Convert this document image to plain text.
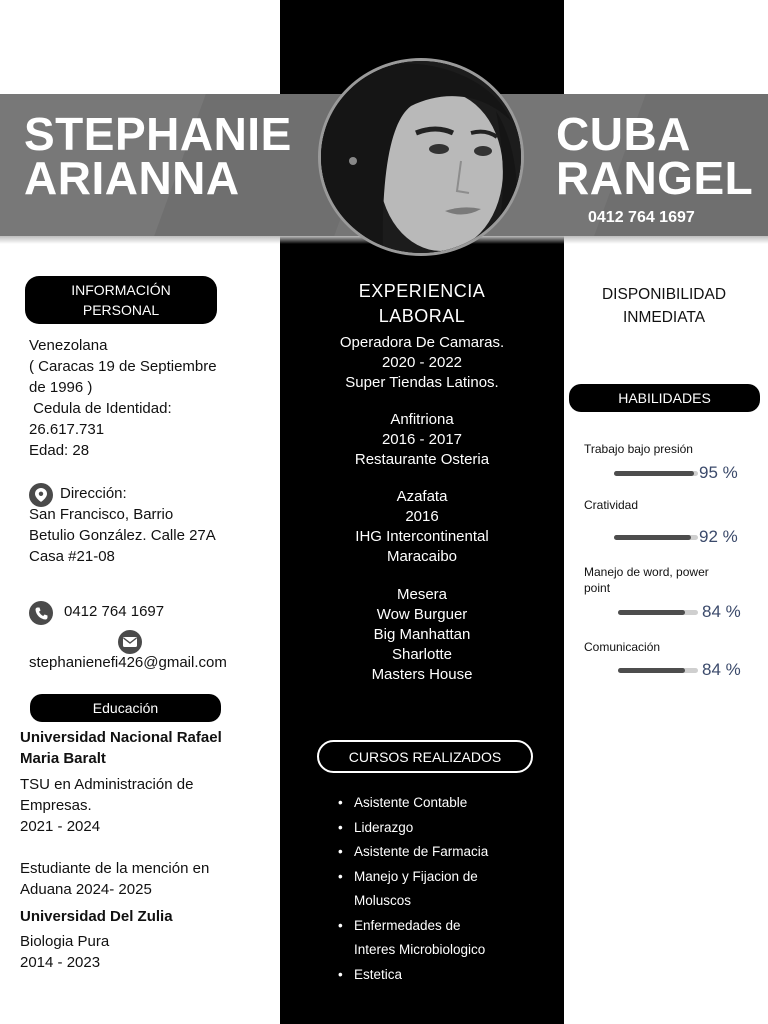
STEPHANIE
ARIANNA
CUBA
RANGEL
0412 764 1697
INFORMACIÓN
PERSONAL
Venezolana
( Caracas 19 de Septiembre
de 1996 )
Cedula de Identidad:
26.617.731
Edad: 28
Dirección:
San Francisco, Barrio
Betulio González. Calle 27A
Casa #21-08
0412 764 1697
stephanienefi426@gmail.com
Educación
Universidad Nacional Rafael
Maria Baralt
TSU en Administración de
Empresas.
2021 - 2024
Estudiante de la mención en
Aduana 2024- 2025
Universidad Del Zulia
Biologia Pura
2014 - 2023
EXPERIENCIA
LABORAL
Operadora De Camaras.
2020 - 2022
Super Tiendas Latinos.
Anfitriona
2016 - 2017
Restaurante Osteria
Azafata
2016
IHG Intercontinental
Maracaibo
Mesera
Wow Burguer
Big Manhattan
Sharlotte
Masters House
CURSOS REALIZADOS
• Asistente Contable
• Liderazgo
• Asistente de Farmacia
• Manejo y Fijacion de
Moluscos
• Enfermedades de
Interes Microbiologico
• Estetica
DISPONIBILIDAD
INMEDIATA
HABILIDADES
Trabajo bajo presión
95 %
Cratividad
92 %
Manejo de word, power
point
84 %
Comunicación
84 %
